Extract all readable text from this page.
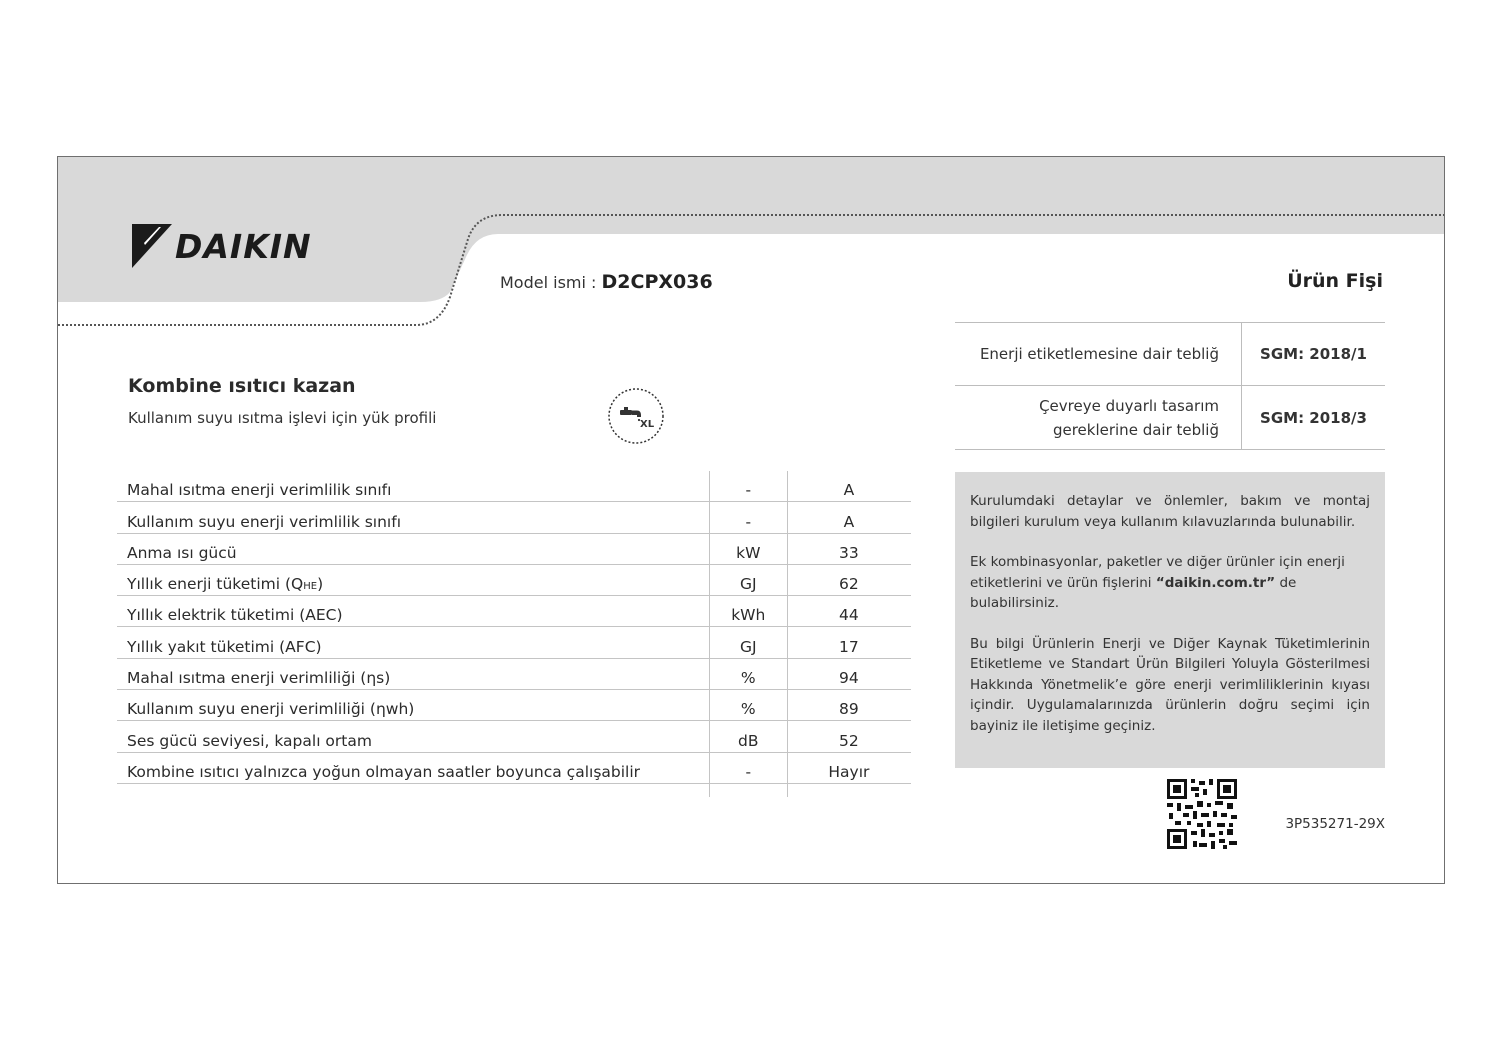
DAIKIN
Model ismi : D2CPX036	Ürün Fişi
Enerji etiketlemesine dair tebliğ	SGM: 2018/1
Çevreye duyarlı tasarım
gereklerine dair tebliğ	SGM: 2018/3
Kombine ısıtıcı kazan
Kullanım suyu ısıtma işlevi için yük profili	XL
Mahal ısıtma enerji verimlilik sınıfı	-	A
Kullanım suyu enerji verimlilik sınıfı	-	A
Anma ısı gücü	kW	33
Yıllık enerji tüketimi (QHE)	GJ	62
Yıllık elektrik tüketimi (AEC)	kWh	44
Yıllık yakıt tüketimi (AFC)	GJ	17
Mahal ısıtma enerji verimliliği (ηs)	%	94
Kullanım suyu enerji verimliliği (ηwh)	%	89
Ses gücü seviyesi, kapalı ortam	dB	52
Kombine ısıtıcı yalnızca yoğun olmayan saatler boyunca çalışabilir	-	Hayır

Kurulumdaki detaylar ve önlemler, bakım ve montaj bilgileri kurulum veya kullanım kılavuzlarında bulunabilir.

Ek kombinasyonlar, paketler ve diğer ürünler için enerji etiketlerini ve ürün fişlerini “daikin.com.tr” de bulabilirsiniz.

Bu bilgi Ürünlerin Enerji ve Diğer Kaynak Tüketimlerinin Etiketleme ve Standart Ürün Bilgileri Yoluyla Gösterilmesi Hakkında Yönetmelik’e göre enerji verimliliklerinin kıyası içindir. Uygulamalarınızda ürünlerin doğru seçimi için bayiniz ile iletişime geçiniz.

3P535271-29X
